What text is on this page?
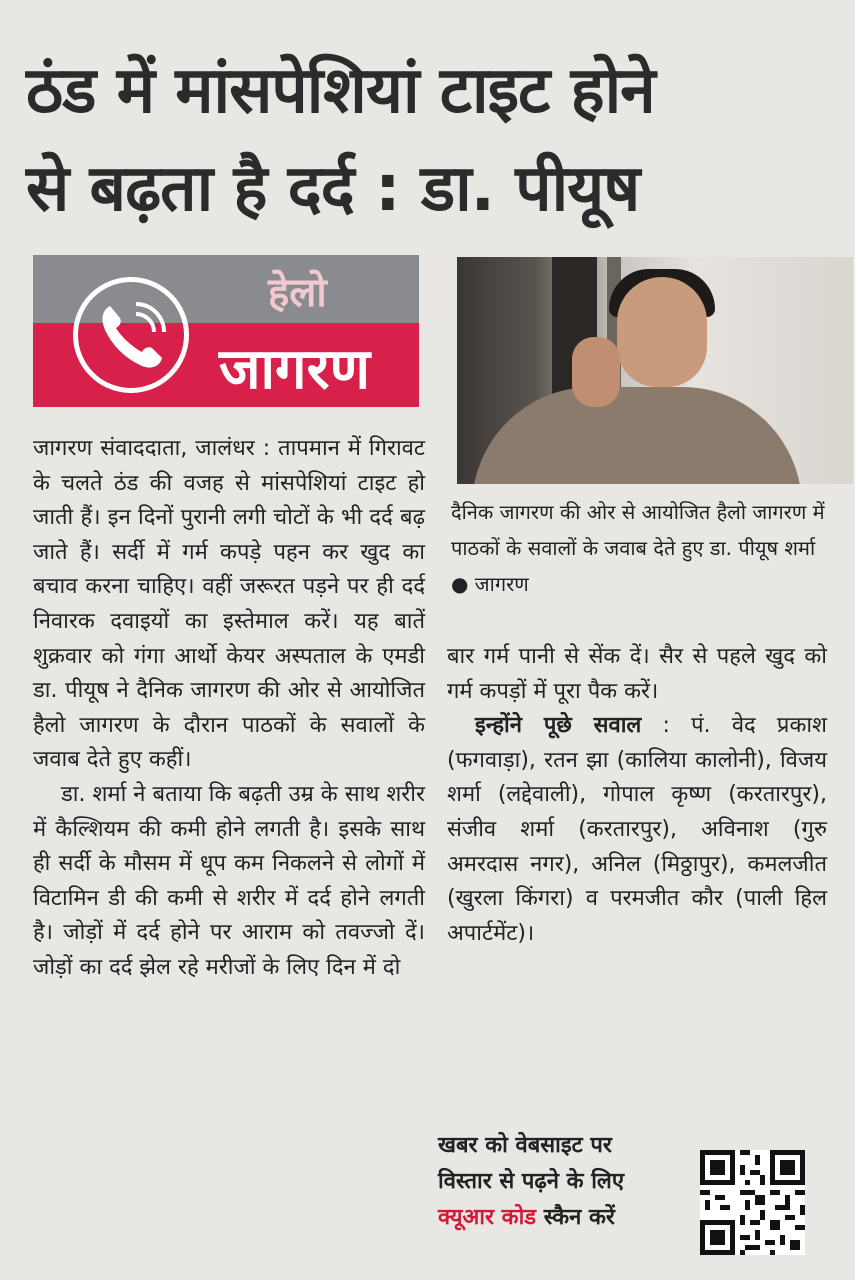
ठंड में मांसपेशियां टाइट होने
से बढ़ता है दर्द : डा. पीयूष
हेलो
जागरण
दैनिक जागरण की ओर से आयोजित हैलो जागरण में पाठकों के सवालों के जवाब देते हुए डा. पीयूष शर्मा ● जागरण

जागरण संवाददाता, जालंधर : तापमान में गिरावट के चलते ठंड की वजह से मांसपेशियां टाइट हो जाती हैं। इन दिनों पुरानी लगी चोटों के भी दर्द बढ़ जाते हैं। सर्दी में गर्म कपड़े पहन कर खुद का बचाव करना चाहिए। वहीं जरूरत पड़ने पर ही दर्द निवारक दवाइयों का इस्तेमाल करें। यह बातें शुक्रवार को गंगा आर्थो केयर अस्पताल के एमडी डा. पीयूष ने दैनिक जागरण की ओर से आयोजित हैलो जागरण के दौरान पाठकों के सवालों के जवाब देते हुए कहीं।

डा. शर्मा ने बताया कि बढ़ती उम्र के साथ शरीर में कैल्शियम की कमी होने लगती है। इसके साथ ही सर्दी के मौसम में धूप कम निकलने से लोगों में विटामिन डी की कमी से शरीर में दर्द होने लगती है। जोड़ों में दर्द होने पर आराम को तवज्जो दें। जोड़ों का दर्द झेल रहे मरीजों के लिए दिन में दो

बार गर्म पानी से सेंक दें। सैर से पहले खुद को गर्म कपड़ों में पूरा पैक करें।

इन्होंने पूछे सवाल : पं. वेद प्रकाश (फगवाड़ा), रतन झा (कालिया कालोनी), विजय शर्मा (लद्देवाली), गोपाल कृष्ण (करतारपुर), संजीव शर्मा (करतारपुर), अविनाश (गुरु अमरदास नगर), अनिल (मिठ्ठापुर), कमलजीत (खुरला किंगरा) व परमजीत कौर (पाली हिल अपार्टमेंट)।

खबर को वेबसाइट पर
विस्तार से पढ़ने के लिए
क्यूआर कोड स्कैन करें
